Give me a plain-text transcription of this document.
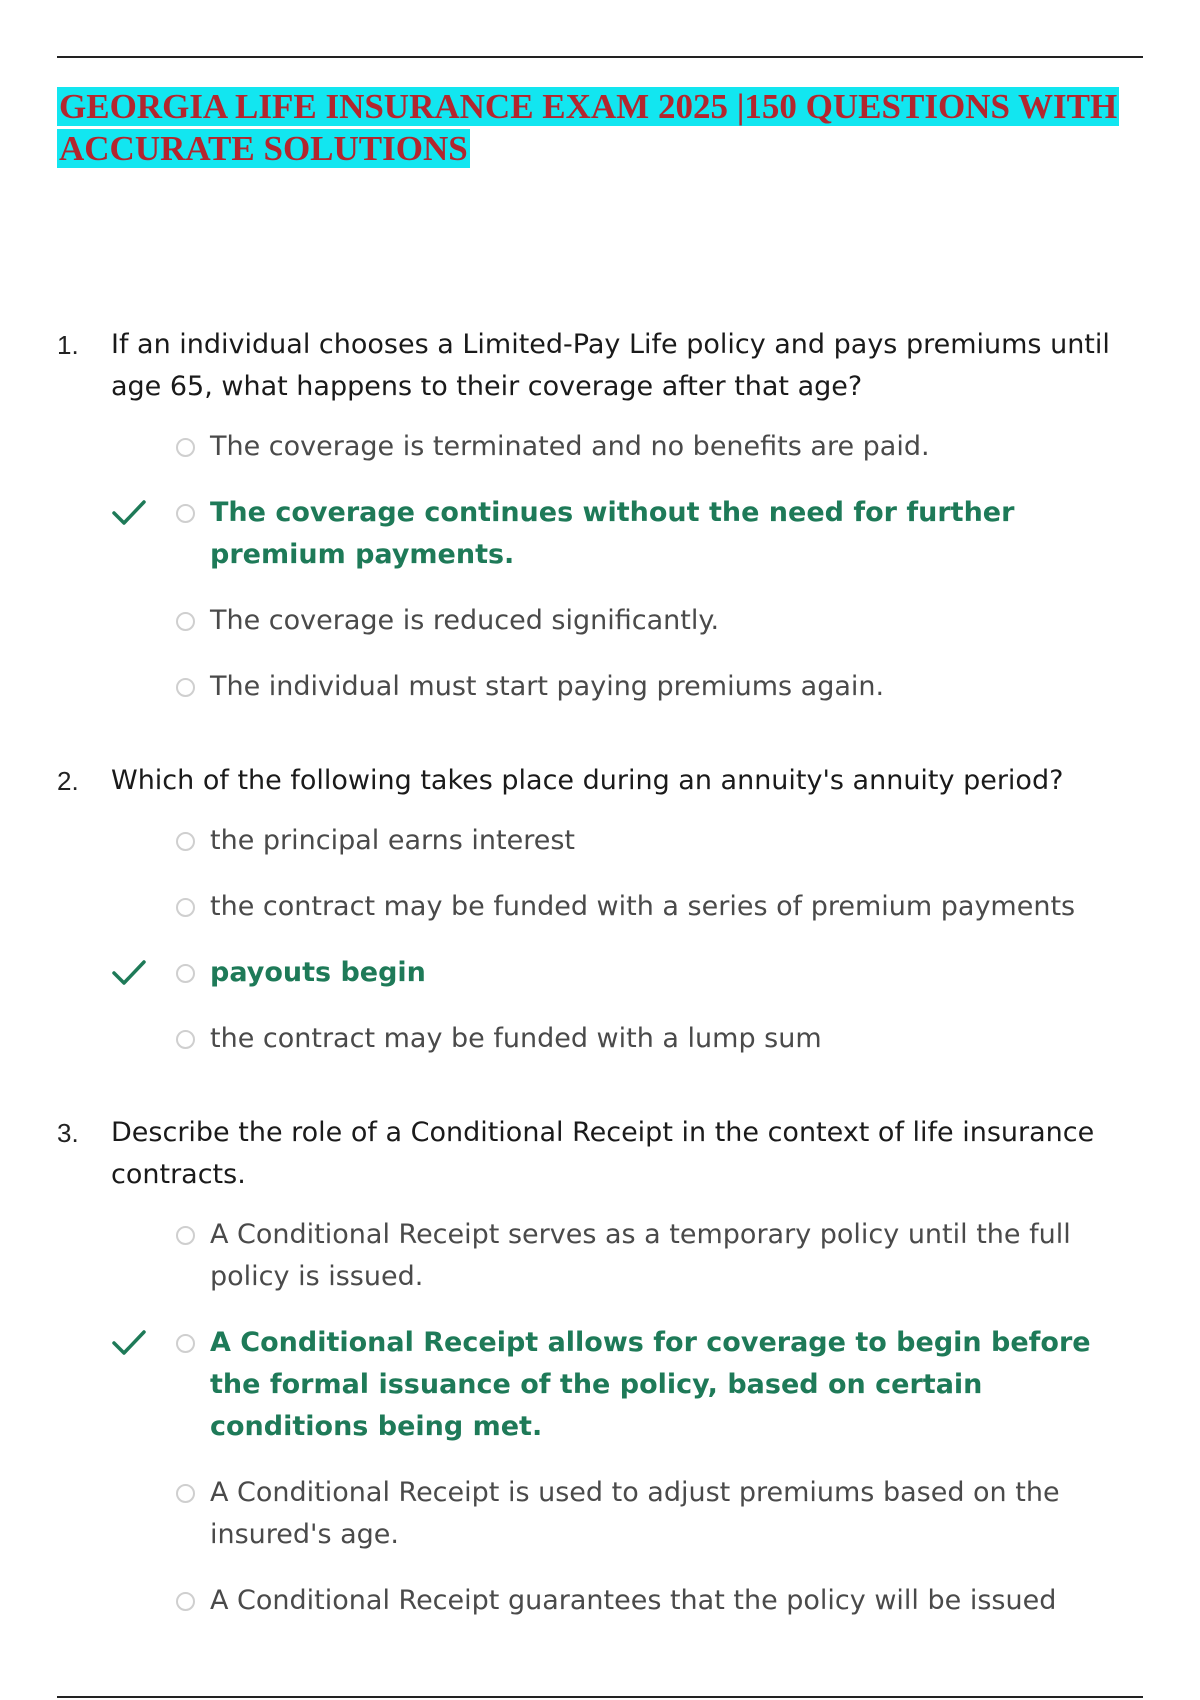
GEORGIA LIFE INSURANCE EXAM 2025 |150 QUESTIONS WITH ACCURATE SOLUTIONS
1. If an individual chooses a Limited-Pay Life policy and pays premiums until age 65, what happens to their coverage after that age?
The coverage is terminated and no benefits are paid.
The coverage continues without the need for further premium payments.
The coverage is reduced significantly.
The individual must start paying premiums again.
2. Which of the following takes place during an annuity's annuity period?
the principal earns interest
the contract may be funded with a series of premium payments
payouts begin
the contract may be funded with a lump sum
3. Describe the role of a Conditional Receipt in the context of life insurance contracts.
A Conditional Receipt serves as a temporary policy until the full policy is issued.
A Conditional Receipt allows for coverage to begin before the formal issuance of the policy, based on certain conditions being met.
A Conditional Receipt is used to adjust premiums based on the insured's age.
A Conditional Receipt guarantees that the policy will be issued
